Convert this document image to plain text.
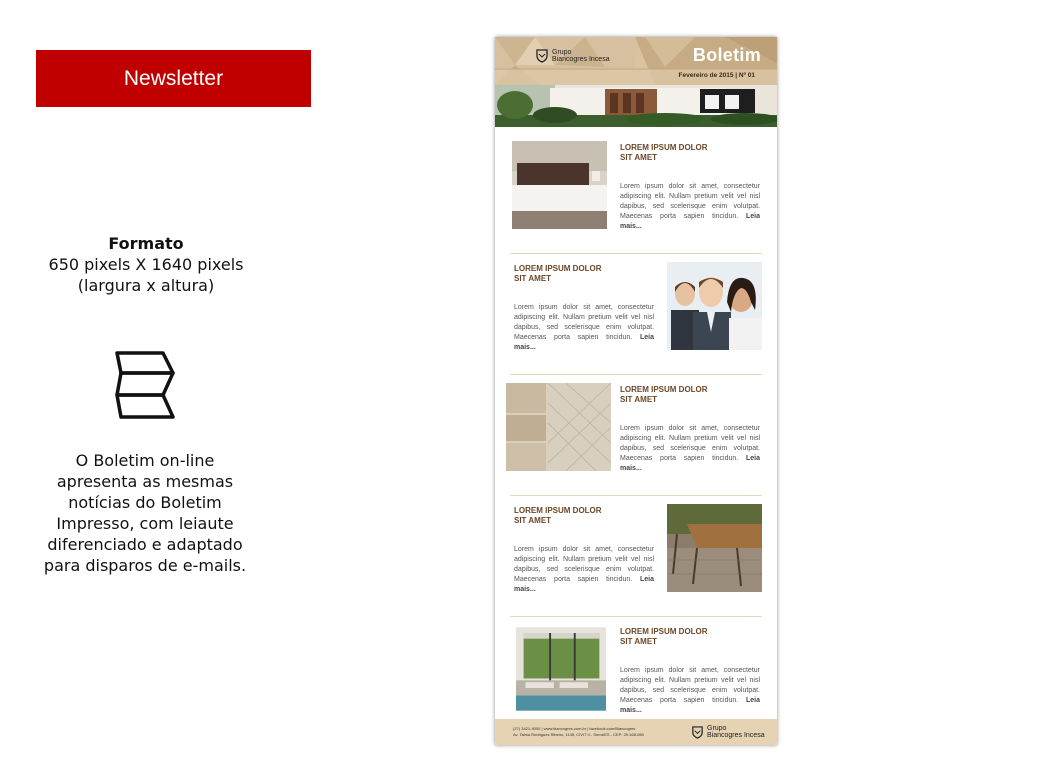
Newsletter
Formato
650 pixels X 1640 pixels
(largura x altura)
O Boletim on-line apresenta as mesmas notícias do Boletim Impresso, com leiaute diferenciado e adaptado para disparos de e-mails.
Grupo
Biancogres Incesa	Boletim
Fevereiro de 2015 | Nº 01
LOREM IPSUM DOLOR
SIT AMET
Lorem ipsum dolor sit amet, consectetur adipiscing elit. Nullam pretium velit vel nisl dapibus, sed scelerisque enim volutpat. Maecenas porta sapien tincidun. Leia mais...
LOREM IPSUM DOLOR
SIT AMET
Lorem ipsum dolor sit amet, consectetur adipiscing elit. Nullam pretium velit vel nisl dapibus, sed scelerisque enim volutpat. Maecenas porta sapien tincidun. Leia mais...
LOREM IPSUM DOLOR
SIT AMET
Lorem ipsum dolor sit amet, consectetur adipiscing elit. Nullam pretium velit vel nisl dapibus, sed scelerisque enim volutpat. Maecenas porta sapien tincidun. Leia mais...
LOREM IPSUM DOLOR
SIT AMET
Lorem ipsum dolor sit amet, consectetur adipiscing elit. Nullam pretium velit vel nisl dapibus, sed scelerisque enim volutpat. Maecenas porta sapien tincidun. Leia mais...
LOREM IPSUM DOLOR
SIT AMET
Lorem ipsum dolor sit amet, consectetur adipiscing elit. Nullam pretium velit vel nisl dapibus, sed scelerisque enim volutpat. Maecenas porta sapien tincidun. Leia mais...
(27) 3421-9000 | www.biancogres.com.br | facebook.com/Biancogres
Av. Talma Rodrigues Ribeiro, 1145, CIVIT II - Serra/ES - CEP: 29.168-080
Grupo
Biancogres Incesa
